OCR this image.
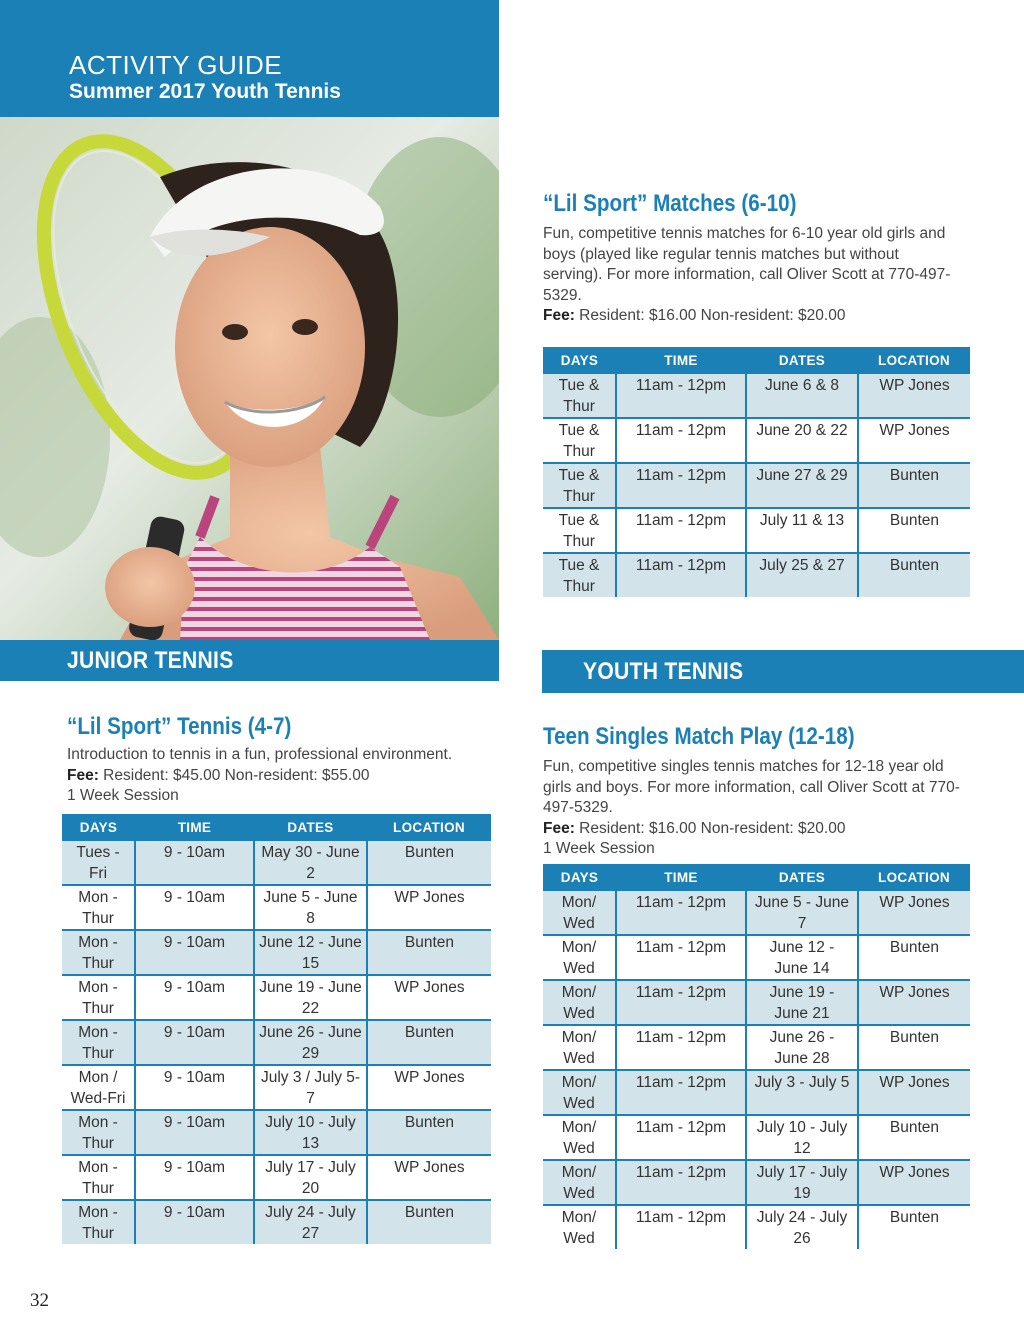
ACTIVITY GUIDE
Summer 2017 Youth Tennis
JUNIOR TENNIS	YOUTH TENNIS
“Lil Sport” Matches (6-10)

Fun, competitive tennis matches for 6-10 year old girls and boys (played like regular tennis matches but without serving). For more information, call Oliver Scott at 770-497-5329.

Fee: Resident: $16.00 Non-resident: $20.00

DAYS	TIME	DATES	LOCATION
Tue & Thur	11am - 12pm	June 6 & 8	WP Jones
Tue & Thur	11am - 12pm	June 20 & 22	WP Jones
Tue & Thur	11am - 12pm	June 27 & 29	Bunten
Tue & Thur	11am - 12pm	July 11 & 13	Bunten
Tue & Thur	11am - 12pm	July 25 & 27	Bunten
“Lil Sport” Tennis (4-7)

Introduction to tennis in a fun, professional environment.

Fee: Resident: $45.00 Non-resident: $55.00

1 Week Session

DAYS	TIME	DATES	LOCATION
Tues - Fri	9 - 10am	May 30 - June 2	Bunten
Mon - Thur	9 - 10am	June 5 - June 8	WP Jones
Mon - Thur	9 - 10am	June 12 - June 15	Bunten
Mon - Thur	9 - 10am	June 19 - June 22	WP Jones
Mon - Thur	9 - 10am	June 26 - June 29	Bunten
Mon / Wed-Fri	9 - 10am	July 3 / July 5-7	WP Jones
Mon - Thur	9 - 10am	July 10 - July 13	Bunten
Mon - Thur	9 - 10am	July 17 - July 20	WP Jones
Mon - Thur	9 - 10am	July 24 - July 27	Bunten
Teen Singles Match Play (12-18)

Fun, competitive singles tennis matches for 12-18 year old girls and boys. For more information, call Oliver Scott at 770-497-5329.

Fee: Resident: $16.00 Non-resident: $20.00

1 Week Session

DAYS	TIME	DATES	LOCATION
Mon/ Wed	11am - 12pm	June 5 - June 7	WP Jones
Mon/ Wed	11am - 12pm	June 12 - June 14	Bunten
Mon/ Wed	11am - 12pm	June 19 - June 21	WP Jones
Mon/ Wed	11am - 12pm	June 26 - June 28	Bunten
Mon/ Wed	11am - 12pm	July 3 - July 5	WP Jones
Mon/ Wed	11am - 12pm	July 10 - July 12	Bunten
Mon/ Wed	11am - 12pm	July 17 - July 19	WP Jones
Mon/ Wed	11am - 12pm	July 24 - July 26	Bunten
32
